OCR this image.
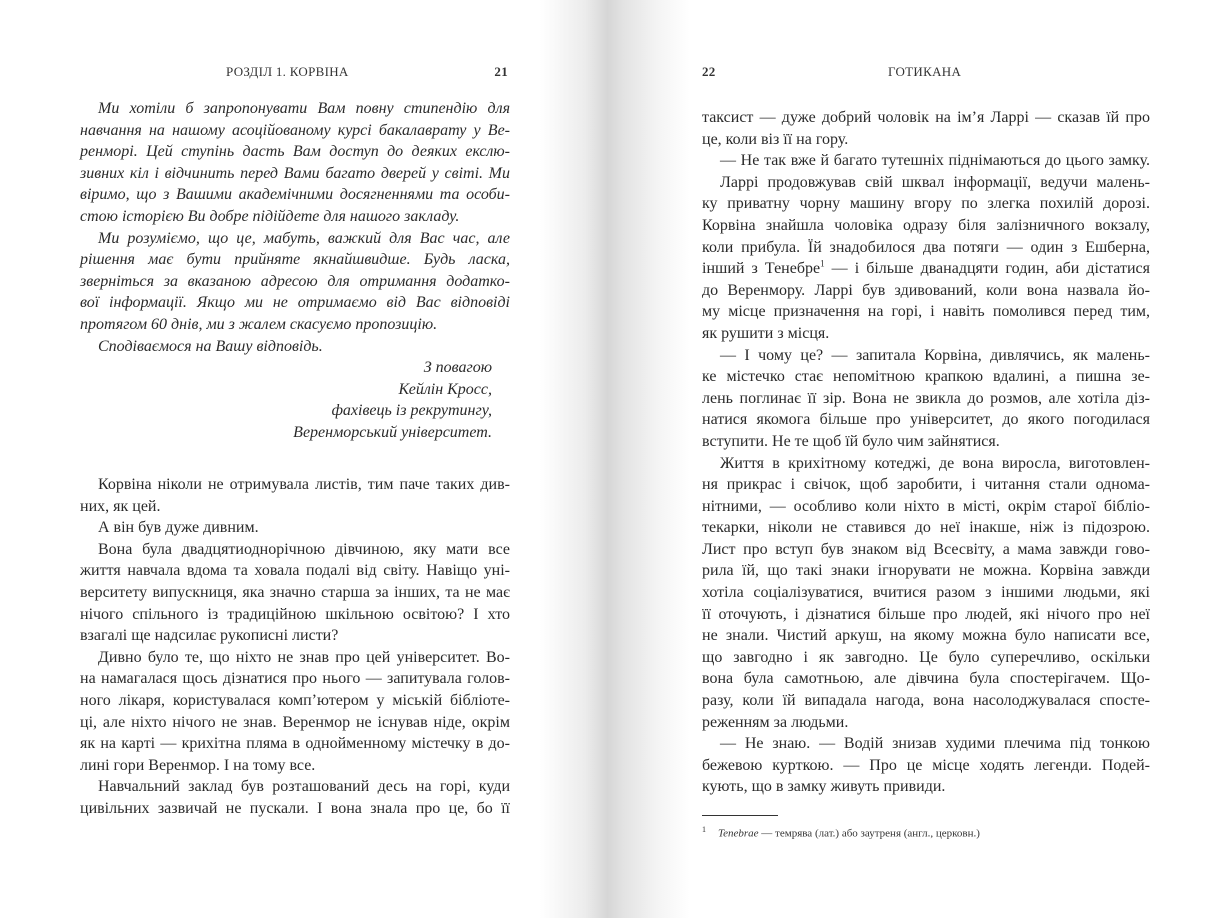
РОЗДІЛ 1. КОРВІНА	21
Ми хотіли б запропонувати Вам повну стипендію для
навчання на нашому асоційованому курсі бакалаврату у Ве-
ренморі. Цей ступінь дасть Вам доступ до деяких екслю-
зивних кіл і відчинить перед Вами багато дверей у світі. Ми
віримо, що з Вашими академічними досягненнями та особи-
стою історією Ви добре підійдете для нашого закладу.
Ми розуміємо, що це, мабуть, важкий для Вас час, але
рішення має бути прийняте якнайшвидше. Будь ласка,
зверніться за вказаною адресою для отримання додатко-
вої інформації. Якщо ми не отримаємо від Вас відповіді
протягом 60 днів, ми з жалем скасуємо пропозицію.
Сподіваємося на Вашу відповідь.
З повагою
Кейлін Кросс,
фахівець із рекрутингу,
Веренморський університет.
Корвіна ніколи не отримувала листів, тим паче таких див-
них, як цей.
А він був дуже дивним.
Вона була двадцятиоднорічною дівчиною, яку мати все
життя навчала вдома та ховала подалі від світу. Навіщо уні-
верситету випускниця, яка значно старша за інших, та не має
нічого спільного із традиційною шкільною освітою? І хто
взагалі ще надсилає рукописні листи?
Дивно було те, що ніхто не знав про цей університет. Во-
на намагалася щось дізнатися про нього — запитувала голов-
ного лікаря, користувалася комп’ютером у міській бібліоте-
ці, але ніхто нічого не знав. Веренмор не існував ніде, окрім
як на карті — крихітна пляма в однойменному містечку в до-
лині гори Веренмор. І на тому все.
Навчальний заклад був розташований десь на горі, куди
цивільних зазвичай не пускали. І вона знала про це, бо її
22	ГОТИКАНА
таксист — дуже добрий чоловік на ім’я Ларрі — сказав їй про
це, коли віз її на гору.
— Не так вже й багато тутешніх піднімаються до цього замку.
Ларрі продовжував свій шквал інформації, ведучи малень-
ку приватну чорну машину вгору по злегка похилій дорозі.
Корвіна знайшла чоловіка одразу біля залізничного вокзалу,
коли прибула. Їй знадобилося два потяги — один з Ешберна,
інший з Тенебре$^1$ — і більше дванадцяти годин, аби дістатися
до Веренмору. Ларрі був здивований, коли вона назвала йо-
му місце призначення на горі, і навіть помолився перед тим,
як рушити з місця.
— І чому це? — запитала Корвіна, дивлячись, як малень-
ке містечко стає непомітною крапкою вдалині, а пишна зе-
лень поглинає її зір. Вона не звикла до розмов, але хотіла діз-
натися якомога більше про університет, до якого погодилася
вступити. Не те щоб їй було чим зайнятися.
Життя в крихітному котеджі, де вона виросла, виготовлен-
ня прикрас і свічок, щоб заробити, і читання стали однома-
нітними, — особливо коли ніхто в місті, окрім старої бібліо-
текарки, ніколи не ставився до неї інакше, ніж із підозрою.
Лист про вступ був знаком від Всесвіту, а мама завжди гово-
рила їй, що такі знаки ігнорувати не можна. Корвіна завжди
хотіла соціалізуватися, вчитися разом з іншими людьми, які
її оточують, і дізнатися більше про людей, які нічого про неї
не знали. Чистий аркуш, на якому можна було написати все,
що завгодно і як завгодно. Це було суперечливо, оскільки
вона була самотньою, але дівчина була спостерігачем. Що-
разу, коли їй випадала нагода, вона насолоджувалася спосте-
реженням за людьми.
— Не знаю. — Водій знизав худими плечима під тонкою
бежевою курткою. — Про це місце ходять легенди. Подей-
кують, що в замку живуть привиди.
$^1$ Tenebrae — темрява (лат.) або заутреня (англ., церковн.)
